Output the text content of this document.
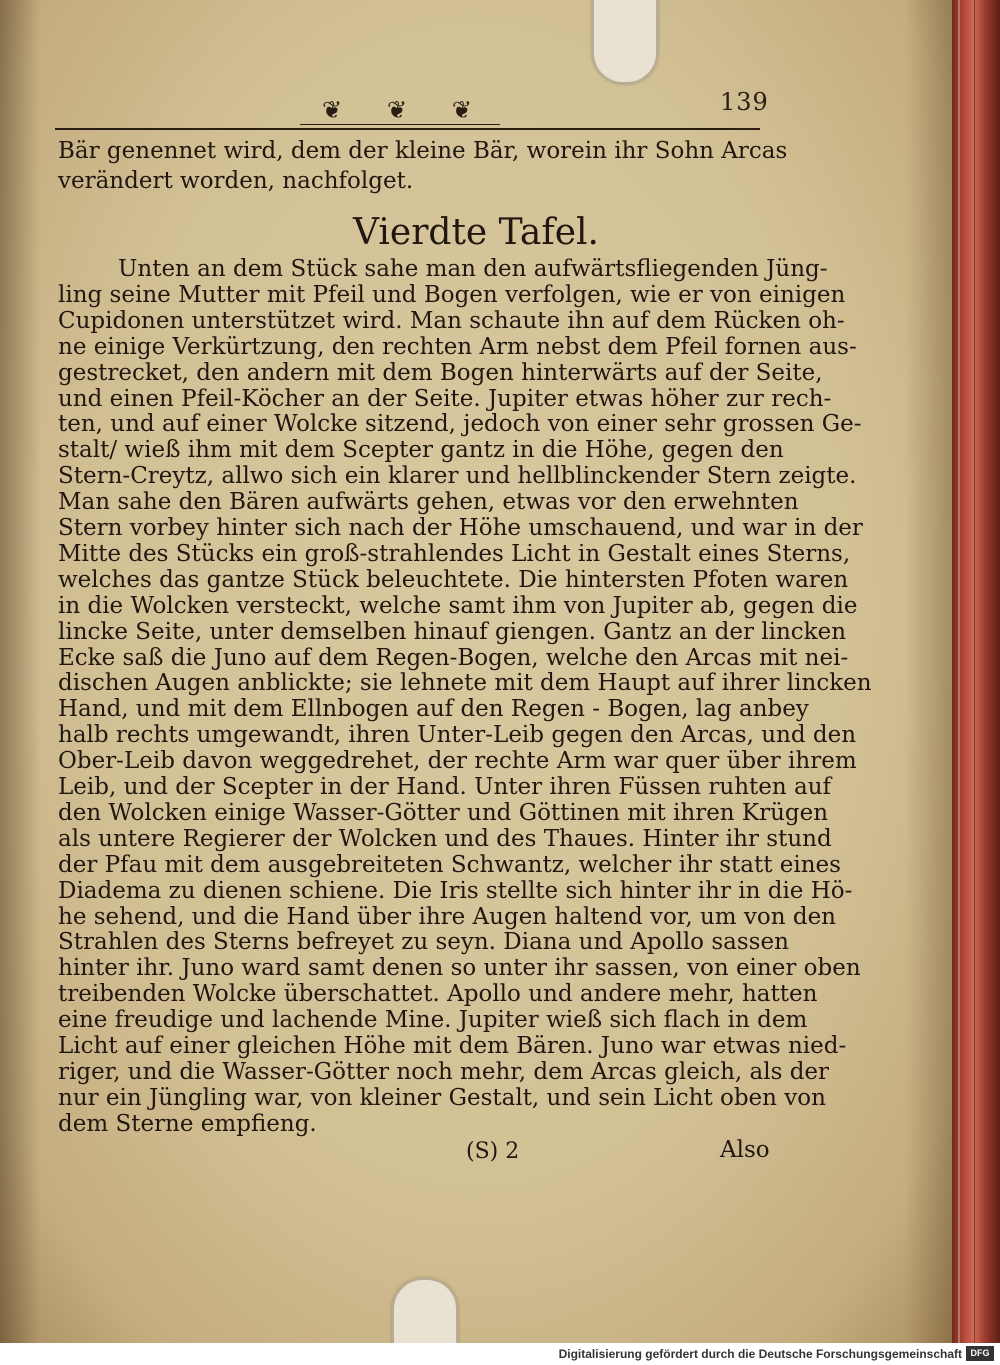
❦ ❦ ❦	139
Bär genennet wird, dem der kleine Bär, worein ihr Sohn Arcas
verändert worden, nachfolget.
Vierdte Tafel.
Unten an dem Stück sahe man den aufwärtsfliegenden Jüng-
ling seine Mutter mit Pfeil und Bogen verfolgen, wie er von einigen
Cupidonen unterstützet wird. Man schaute ihn auf dem Rücken oh-
ne einige Verkürtzung, den rechten Arm nebst dem Pfeil fornen aus-
gestrecket, den andern mit dem Bogen hinterwärts auf der Seite,
und einen Pfeil-Köcher an der Seite. Jupiter etwas höher zur rech-
ten, und auf einer Wolcke sitzend, jedoch von einer sehr grossen Ge-
stalt/ wieß ihm mit dem Scepter gantz in die Höhe, gegen den
Stern-Creytz, allwo sich ein klarer und hellblinckender Stern zeigte.
Man sahe den Bären aufwärts gehen, etwas vor den erwehnten
Stern vorbey hinter sich nach der Höhe umschauend, und war in der
Mitte des Stücks ein groß-strahlendes Licht in Gestalt eines Sterns,
welches das gantze Stück beleuchtete. Die hintersten Pfoten waren
in die Wolcken versteckt, welche samt ihm von Jupiter ab, gegen die
lincke Seite, unter demselben hinauf giengen. Gantz an der lincken
Ecke saß die Juno auf dem Regen-Bogen, welche den Arcas mit nei-
dischen Augen anblickte; sie lehnete mit dem Haupt auf ihrer lincken
Hand, und mit dem Ellnbogen auf den Regen - Bogen, lag anbey
halb rechts umgewandt, ihren Unter-Leib gegen den Arcas, und den
Ober-Leib davon weggedrehet, der rechte Arm war quer über ihrem
Leib, und der Scepter in der Hand. Unter ihren Füssen ruhten auf
den Wolcken einige Wasser-Götter und Göttinen mit ihren Krügen
als untere Regierer der Wolcken und des Thaues. Hinter ihr stund
der Pfau mit dem ausgebreiteten Schwantz, welcher ihr statt eines
Diadema zu dienen schiene. Die Iris stellte sich hinter ihr in die Hö-
he sehend, und die Hand über ihre Augen haltend vor, um von den
Strahlen des Sterns befreyet zu seyn. Diana und Apollo sassen
hinter ihr. Juno ward samt denen so unter ihr sassen, von einer oben
treibenden Wolcke überschattet. Apollo und andere mehr, hatten
eine freudige und lachende Mine. Jupiter wieß sich flach in dem
Licht auf einer gleichen Höhe mit dem Bären. Juno war etwas nied-
riger, und die Wasser-Götter noch mehr, dem Arcas gleich, als der
nur ein Jüngling war, von kleiner Gestalt, und sein Licht oben von
dem Sterne empfieng.
(S) 2	Also
Digitalisierung gefördert durch die Deutsche Forschungsgemeinschaft DFG
